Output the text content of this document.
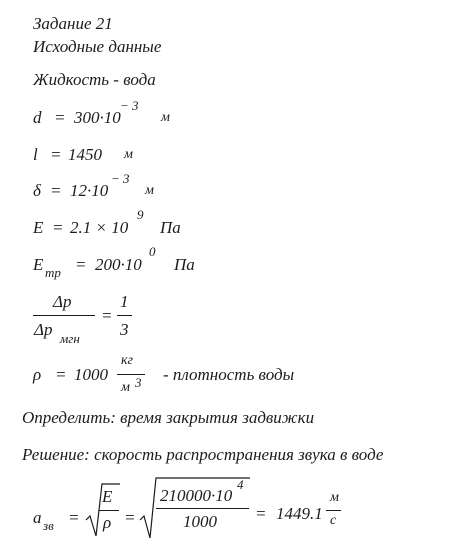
Задание 21
Исходные данные
Жидкость - вода
d = 300·10
− 3
м
l = 1450 м
δ = 12·10
− 3
м
E = 2.1 × 10
9
Па
E тр = 200·10
0
Па
Δp
Δp мгн
=
1
3
ρ = 1000
кг
м 3 - плотность воды
Определить: время закрытия задвижки
Решение: скорость распространения звука в воде
a зв =
E
ρ =
210000·10
4
1000 = 1449.1
м
с
